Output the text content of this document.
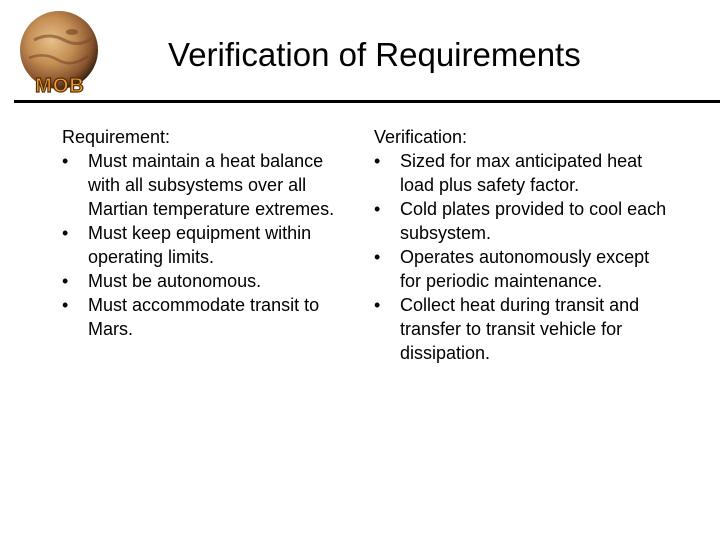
MOB
Verification of Requirements

Requirement:

• Must maintain a heat balance with all subsystems over all Martian temperature extremes.
• Must keep equipment within operating limits.
• Must be autonomous.
• Must accommodate transit to Mars.

Verification:

• Sized for max anticipated heat load plus safety factor.
• Cold plates provided to cool each subsystem.
• Operates autonomously except for periodic maintenance.
• Collect heat during transit and transfer to transit vehicle for dissipation.
